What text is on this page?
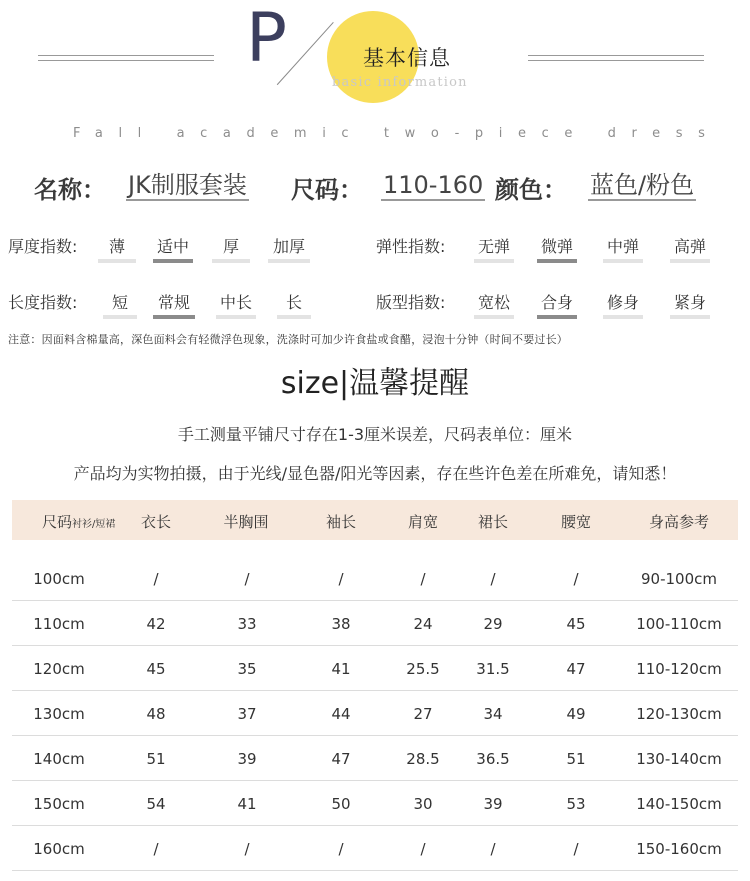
P	基本信息
basic information
Fall academic two-piece dress
名称： JK制服套装 尺码： 110-160 颜色： 蓝色/粉色
厚度指数:	薄	适中	厚	加厚	弹性指数: 无弹 微弹 中弹 高弹
长度指数:	短	常规	中长	长	版型指数: 宽松 合身 修身 紧身
注意：因面料含棉量高，深色面料会有轻微浮色现象，洗涤时可加少许食盐或食醋，浸泡十分钟（时间不要过长）
size|温馨提醒
手工测量平铺尺寸存在1-3厘米误差，尺码表单位：厘米
产品均为实物拍摄，由于光线/显色器/阳光等因素，存在些许色差在所难免，请知悉！
尺码衬衫/短裙	衣长	半胸围	袖长	肩宽	裙长	腰宽	身高参考
100cm	/	/	/	/	/	/	90-100cm
110cm	42	33	38	24	29	45	100-110cm
120cm	45	35	41	25.5	31.5	47	110-120cm
130cm	48	37	44	27	34	49	120-130cm
140cm	51	39	47	28.5	36.5	51	130-140cm
150cm	54	41	50	30	39	53	140-150cm
160cm	/	/	/	/	/	/	150-160cm
